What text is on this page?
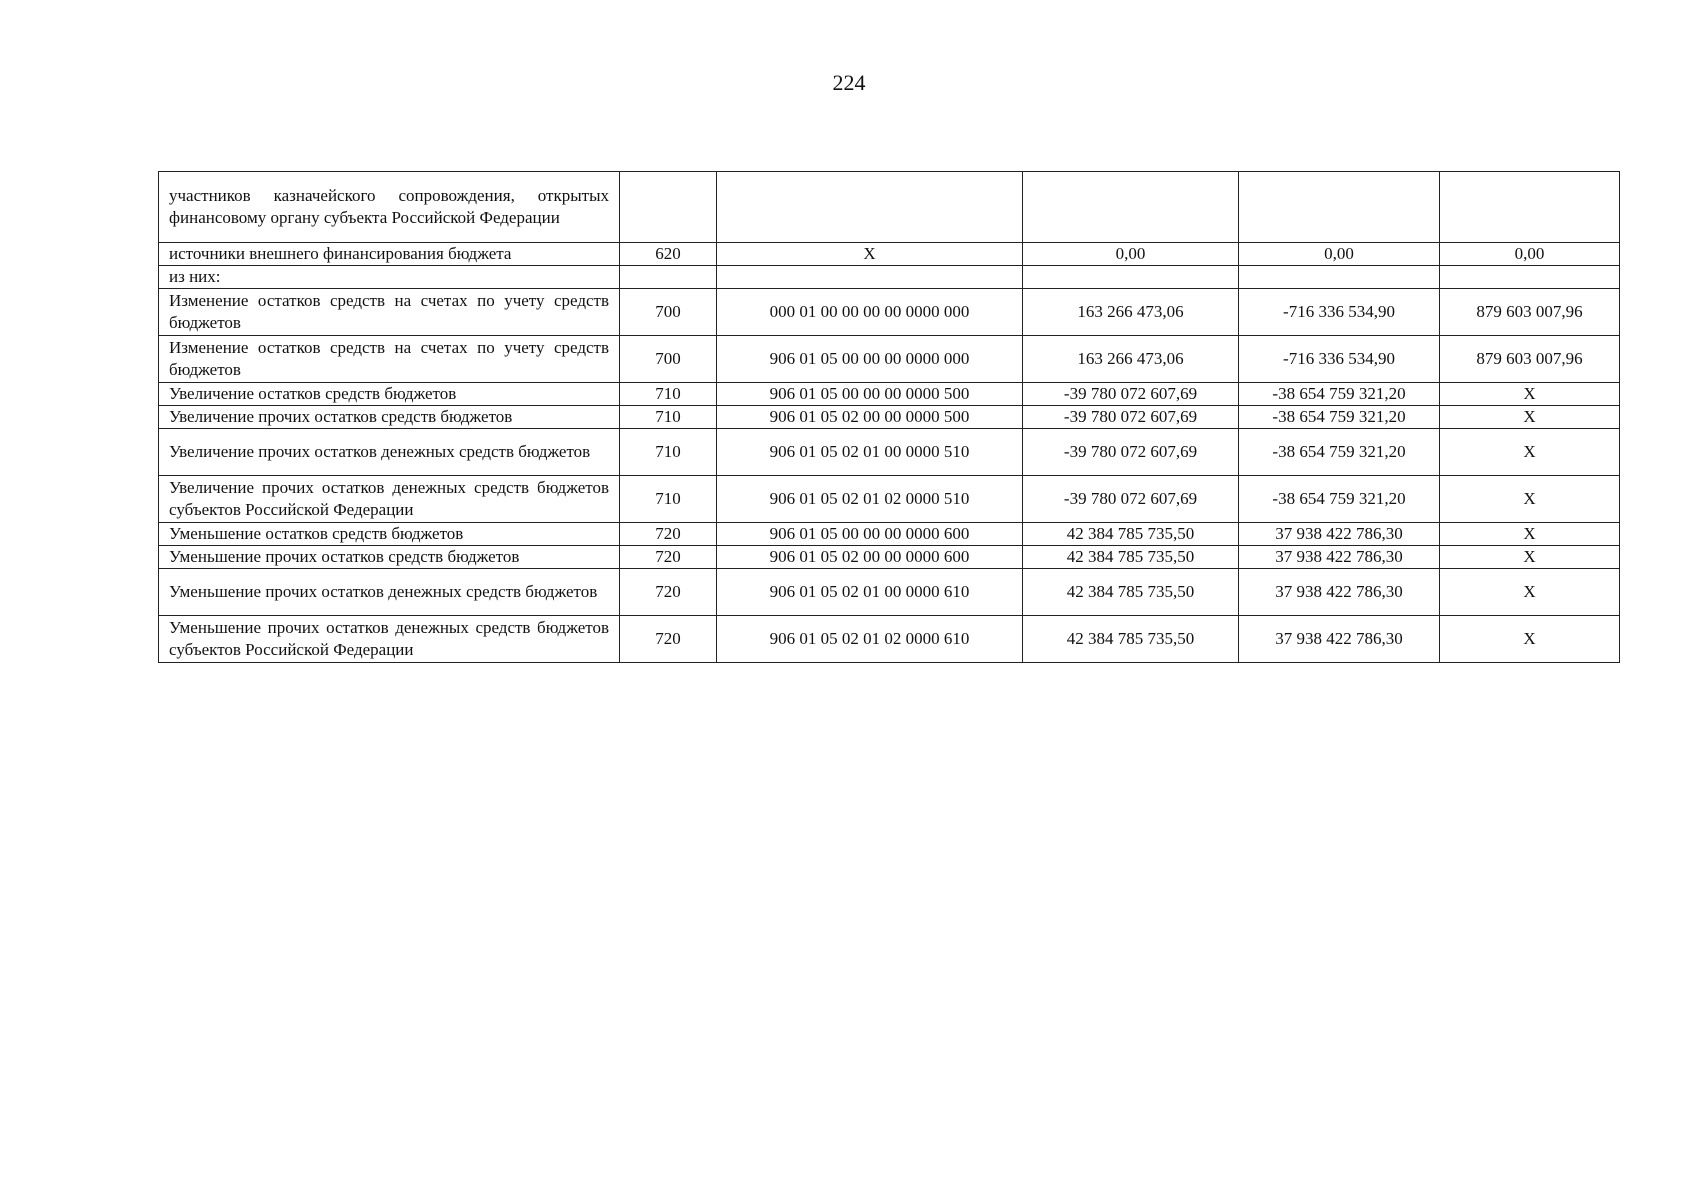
224
участников казначейского сопровождения, открытых финансовому органу субъекта Российской Федерации					
источники внешнего финансирования бюджета	620	X	0,00	0,00	0,00
из них:					
Изменение остатков средств на счетах по учету средств бюджетов	700	000 01 00 00 00 00 0000 000	163 266 473,06	-716 336 534,90	879 603 007,96
Изменение остатков средств на счетах по учету средств бюджетов	700	906 01 05 00 00 00 0000 000	163 266 473,06	-716 336 534,90	879 603 007,96
Увеличение остатков средств бюджетов	710	906 01 05 00 00 00 0000 500	-39 780 072 607,69	-38 654 759 321,20	X
Увеличение прочих остатков средств бюджетов	710	906 01 05 02 00 00 0000 500	-39 780 072 607,69	-38 654 759 321,20	X
Увеличение прочих остатков денежных средств бюджетов	710	906 01 05 02 01 00 0000 510	-39 780 072 607,69	-38 654 759 321,20	X
Увеличение прочих остатков денежных средств бюджетов субъектов Российской Федерации	710	906 01 05 02 01 02 0000 510	-39 780 072 607,69	-38 654 759 321,20	X
Уменьшение остатков средств бюджетов	720	906 01 05 00 00 00 0000 600	42 384 785 735,50	37 938 422 786,30	X
Уменьшение прочих остатков средств бюджетов	720	906 01 05 02 00 00 0000 600	42 384 785 735,50	37 938 422 786,30	X
Уменьшение прочих остатков денежных средств бюджетов	720	906 01 05 02 01 00 0000 610	42 384 785 735,50	37 938 422 786,30	X
Уменьшение прочих остатков денежных средств бюджетов субъектов Российской Федерации	720	906 01 05 02 01 02 0000 610	42 384 785 735,50	37 938 422 786,30	X
